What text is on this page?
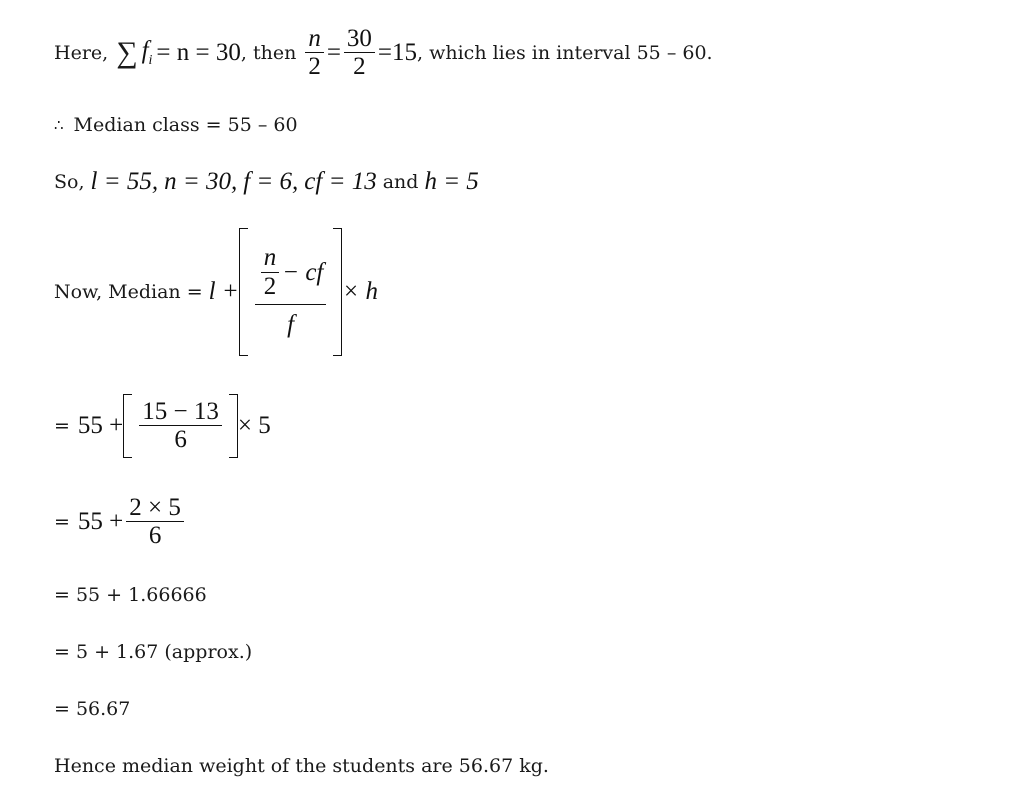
Here, ∑ $f_i = n = 30$ , then $\frac{n}{2} = \frac{30}{2} =15$ , which lies in interval 55 – 60.
∴ Median class = 55 – 60
So, l = 55, n = 30, f = 6, cf = 13 and h = 5
Now, Median = $l + \frac{\frac{n}{2} - cf}{f} \times h$
= $55 + \frac{15 - 13}{6} \times 5$
= $55 + \frac{2 \times 5}{6}$
= 55 + 1.66666
= 5 + 1.67 (approx.)
= 56.67
Hence median weight of the students are 56.67 kg.
